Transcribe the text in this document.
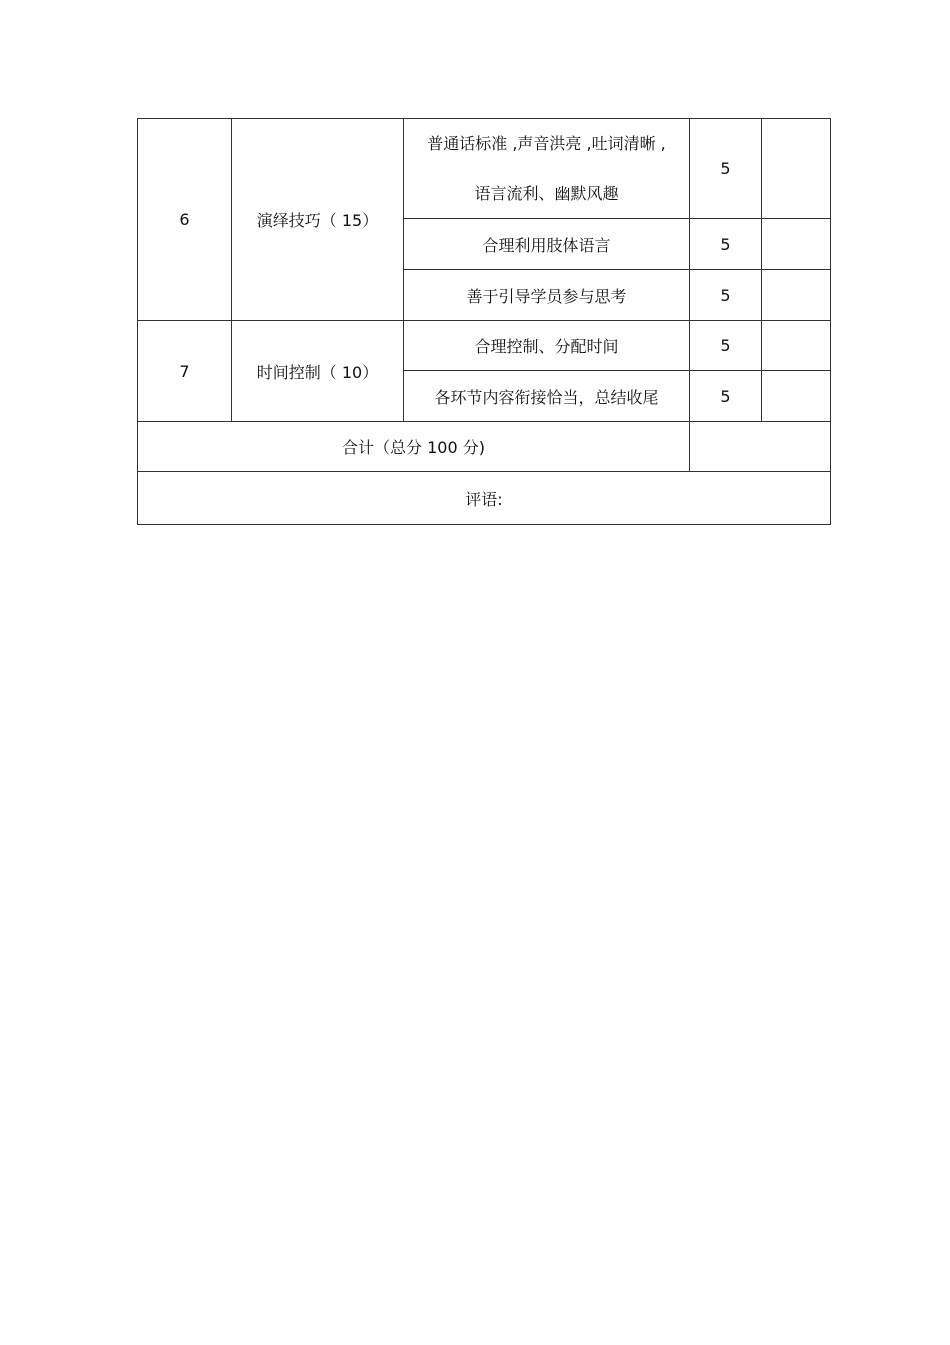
6	演绎技巧（ 15）	普通话标准 ,声音洪亮 ,吐词清晰 ,
语言流利、幽默风趣	5	
		合理利用肢体语言	5	
		善于引导学员参与思考	5	
7	时间控制（ 10）	合理控制、分配时间	5	
		各环节内容衔接恰当，总结收尾	5	
合计（总分 100 分)				
评语:				
